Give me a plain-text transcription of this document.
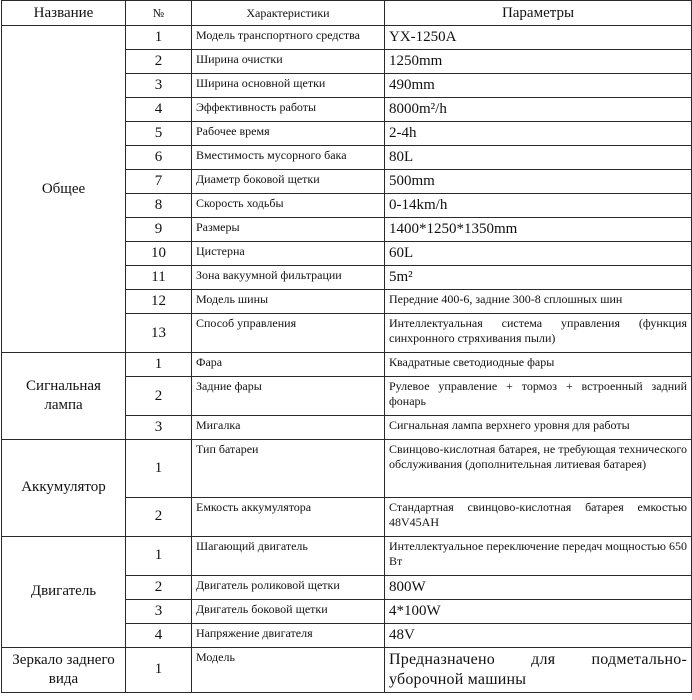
Название	№	Характеристики	Параметры
Общее	1	Модель транспортного средства	YX-1250A
	2	Ширина очистки	1250mm
	3	Ширина основной щетки	490mm
	4	Эффективность работы	8000m²/h
	5	Рабочее время	2-4h
	6	Вместимость мусорного бака	80L
	7	Диаметр боковой щетки	500mm
	8	Скорость ходьбы	0-14km/h
	9	Размеры	1400*1250*1350mm
	10	Цистерна	60L
	11	Зона вакуумной фильтрации	5m²
	12	Модель шины	Передние 400-6, задние 300-8 сплошных шин
	13	Способ управления	Интеллектуальная система управления (функция синхронного стряхивания пыли)
Сигнальная лампа	1	Фара	Квадратные светодиодные фары
	2	Задние фары	Рулевое управление + тормоз + встроенный задний фонарь
	3	Мигалка	Сигнальная лампа верхнего уровня для работы
Аккумулятор	1	Тип батареи	Свинцово-кислотная батарея, не требующая технического обслуживания (дополнительная литиевая батарея)
	2	Емкость аккумулятора	Стандартная свинцово-кислотная батарея емкостью 48V45AH
Двигатель	1	Шагающий двигатель	Интеллектуальное переключение передач мощностью 650 Вт
	2	Двигатель роликовой щетки	800W
	3	Двигатель боковой щетки	4*100W
	4	Напряжение двигателя	48V
Зеркало заднего вида	1	Модель	Предназначено для подметально-уборочной машины
